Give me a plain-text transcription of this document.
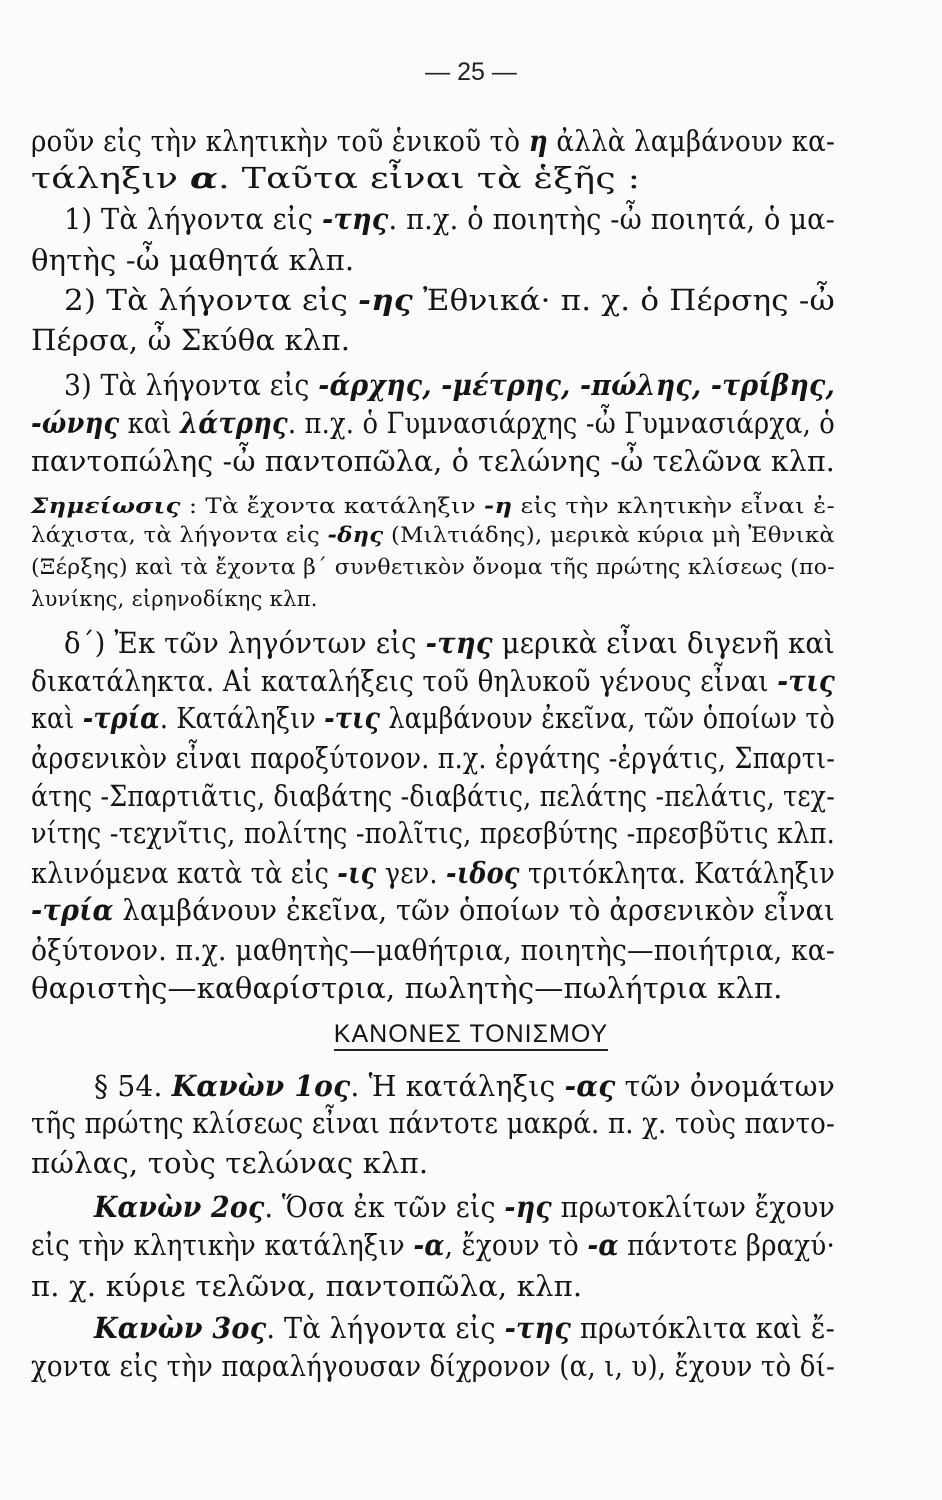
— 25 —
ροῦν εἰς τὴν κλητικὴν τοῦ ἑνικοῦ τὸ η ἀλλὰ λαμβάνουν κα-
τάληξιν α. Ταῦτα εἶναι τὰ ἑξῆς :
1) Τὰ λήγοντα εἰς -της. π.χ. ὁ ποιητὴς -ὦ ποιητά, ὁ μα-
θητὴς -ὦ μαθητά κλπ.
2) Τὰ λήγοντα εἰς -ης Ἐθνικά· π. χ. ὁ Πέρσης -ὦ
Πέρσα, ὦ Σκύθα κλπ.
3) Τὰ λήγοντα εἰς -άρχης, -μέτρης, -πώλης, -τρίβης,
-ώνης καὶ λάτρης. π.χ. ὁ Γυμνασιάρχης -ὦ Γυμνασιάρχα, ὁ
παντοπώλης -ὦ παντοπῶλα, ὁ τελώνης -ὦ τελῶνα κλπ.
Σημείωσις : Τὰ ἔχοντα κατάληξιν -η εἰς τὴν κλητικὴν εἶναι ἐ-
λάχιστα, τὰ λήγοντα εἰς -δης (Μιλτιάδης), μερικὰ κύρια μὴ Ἐθνικὰ
(Ξέρξης) καὶ τὰ ἔχοντα β΄ συνθετικὸν ὄνομα τῆς πρώτης κλίσεως (πο-
λυνίκης, εἰρηνοδίκης κλπ.
δ΄) Ἐκ τῶν ληγόντων εἰς -της μερικὰ εἶναι διγενῆ καὶ
δικατάληκτα. Αἱ καταλήξεις τοῦ θηλυκοῦ γένους εἶναι -τις
καὶ -τρία. Κατάληξιν -τις λαμβάνουν ἐκεῖνα, τῶν ὁποίων τὸ
ἀρσενικὸν εἶναι παροξύτονον. π.χ. ἐργάτης -ἐργάτις, Σπαρτι-
άτης -Σπαρτιᾶτις, διαβάτης -διαβάτις, πελάτης -πελάτις, τεχ-
νίτης -τεχνῖτις, πολίτης -πολῖτις, πρεσβύτης -πρεσβῦτις κλπ.
κλινόμενα κατὰ τὰ εἰς -ις γεν. -ιδος τριτόκλητα. Κατάληξιν
-τρία λαμβάνουν ἐκεῖνα, τῶν ὁποίων τὸ ἀρσενικὸν εἶναι
ὀξύτονον. π.χ. μαθητὴς—μαθήτρια, ποιητὴς—ποιήτρια, κα-
θαριστὴς—καθαρίστρια, πωλητὴς—πωλήτρια κλπ.
§ 54. Κανὼν 1ος. Ἡ κατάληξις -ας τῶν ὀνομάτων
τῆς πρώτης κλίσεως εἶναι πάντοτε μακρά. π. χ. τοὺς παντο-
πώλας, τοὺς τελώνας κλπ.
Κανὼν 2ος. Ὅσα ἐκ τῶν εἰς -ης πρωτοκλίτων ἔχουν
εἰς τὴν κλητικὴν κατάληξιν -α, ἔχουν τὸ -α πάντοτε βραχύ·
π. χ. κύριε τελῶνα, παντοπῶλα, κλπ.
Κανὼν 3ος. Τὰ λήγοντα εἰς -της πρωτόκλιτα καὶ ἔ-
χοντα εἰς τὴν παραλήγουσαν δίχρονον (α, ι, υ), ἔχουν τὸ δί-
ΚΑΝΟΝΕΣ ΤΟΝΙΣΜΟΥ
